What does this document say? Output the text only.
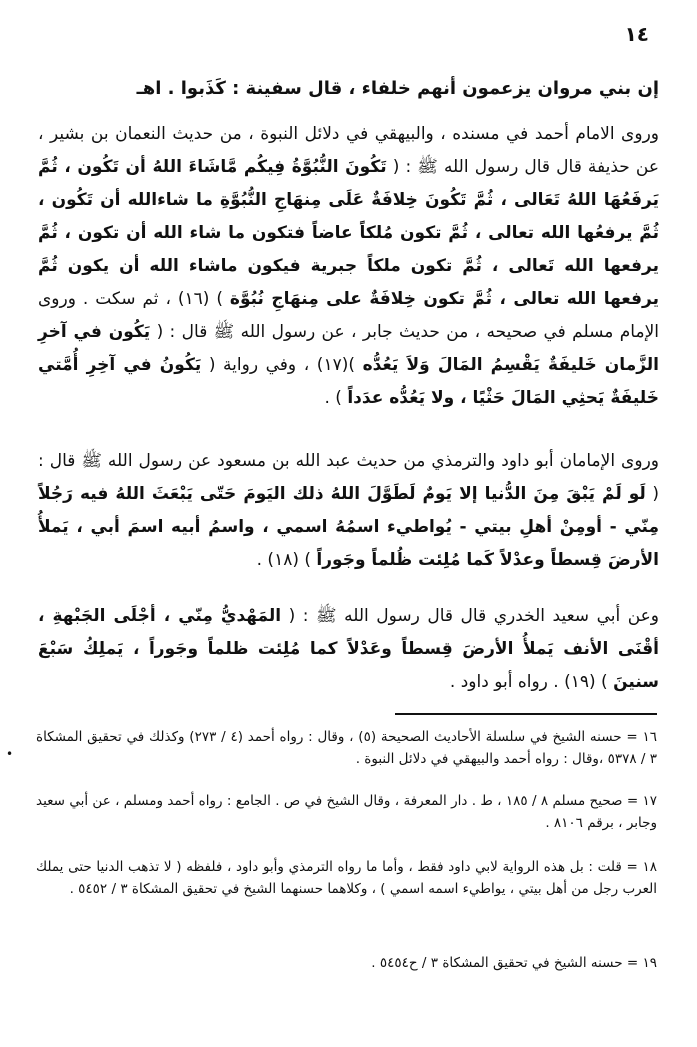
١٤

إن بني مروان يزعمون أنهم خلفاء ، قال سفينة : كَذَبوا . اهـ

وروى الامام أحمد في مسنده ، والبيهقي في دلائل النبوة ، من حديث النعمان بن بشير ، عن حذيفة قال قال رسول الله ﷺ : ( تَكُونَ النُّبُوَّةُ فِيكُم مَّاشَاءَ اللهُ أن تَكُون ، ثُمَّ يَرفَعُهَا اللهُ تَعَالى ، ثُمَّ تَكُونَ خِلافَةٌ عَلَى مِنهَاجِ النُّبُوَّةِ ما شاءالله أن تَكُون ، ثُمَّ يرفعُها الله تعالى ، ثُمَّ تكون مُلكاً عاضاً فتكون ما شاء الله أن تكون ، ثُمَّ يرفعها الله تَعالى ، ثُمَّ تكون ملكاً جبرية فيكون ماشاء الله أن يكون ثُمَّ يرفعها الله تعالى ، ثُمَّ تكون خِلافَةٌ على مِنهَاجِ نُبُوَّة ) (١٦) ، ثم سكت . وروى الإمام مسلم في صحيحه ، من حديث جابر ، عن رسول الله ﷺ قال : ( يَكُون في آخرِ الزَّمان خَليفَةٌ يَقْسِمُ المَالَ وَلاَ يَعُدُّه )(١٧) ، وفي رواية ( يَكُونُ في آخِرِ أُمَّتي خَليفَةٌ يَحثِي المَالَ حَثْيًا ، ولا يَعُدُّه عدَداً ) .

وروى الإمامان أبو داود والترمذي من حديث عبد الله بن مسعود عن رسول الله ﷺ قال : ( لَو لَمْ يَبْقَ مِنَ الدُّنيا إلا يَومٌ لَطَوَّلَ اللهُ ذلك اليَومَ حَتّى يَبْعَثَ اللهُ فيه رَجُلاً مِنّي - أومِنْ أهلِ بيتي - يُواطيء اسمُهُ اسمي ، واسمُ أبيه اسمَ أبي ، يَملأُ الأرضَ قِسطاً وعدْلاً كَما مُلِئت ظُلماً وجَوراً ) (١٨) .

وعن أبي سعيد الخدري قال قال رسول الله ﷺ : ( المَهْديُّ مِنّي ، أجْلَى الجَبْهةِ ، أقْنَى الأنف يَملأُ الأرضَ قِسطاً وعَدْلاً كما مُلِئت ظلماً وجَوراً ، يَملِكُ سَبْعَ سنينَ ) (١٩) . رواه أبو داود .

•

١٦ = حسنه الشيخ في سلسلة الأحاديث الصحيحة (٥) ، وقال : رواه أحمد (٤ / ٢٧٣) وكذلك في تحقيق المشكاة ٣ / ٥٣٧٨ ،وقال : رواه أحمد والبيهقي في دلائل النبوة .

١٧ = صحيح مسلم ٨ / ١٨٥ ، ط . دار المعرفة ، وقال الشيخ في ص . الجامع : رواه أحمد ومسلم ، عن أبي سعيد وجابر ، برقم ٨١٠٦ .

١٨ = قلت : بل هذه الرواية لابي داود فقط ، وأما ما رواه الترمذي وأبو داود ، فلفظه ( لا تذهب الدنيا حتى يملك العرب رجل من أهل بيتي ، يواطيء اسمه اسمي ) ، وكلاهما حسنهما الشيخ في تحقيق المشكاة ٣ / ٥٤٥٢ .

١٩ = حسنه الشيخ في تحقيق المشكاة ٣ / ح٥٤٥٤ .
